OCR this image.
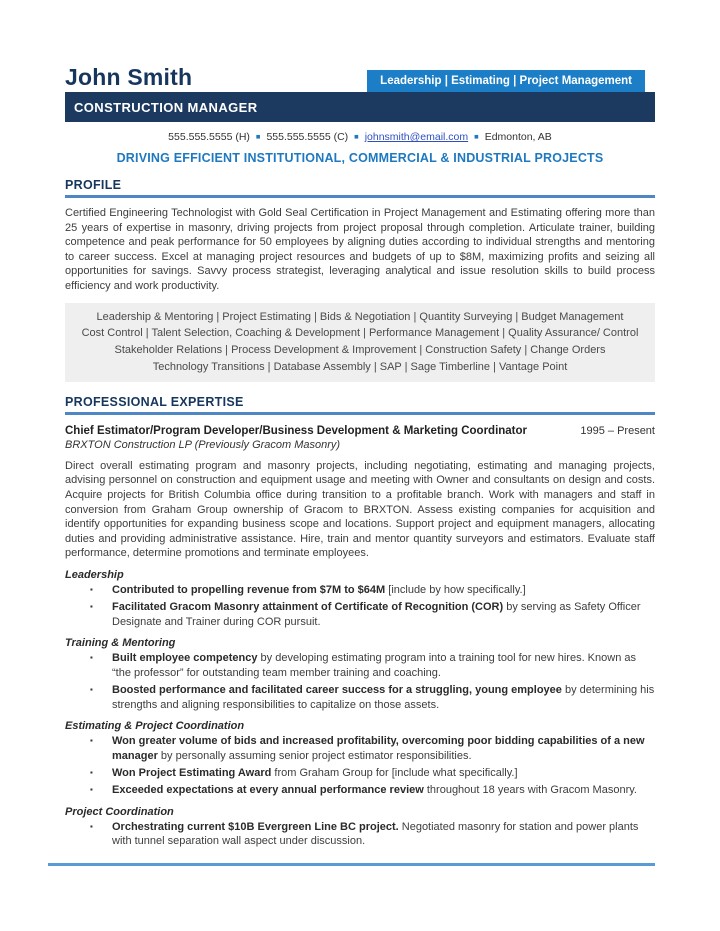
John Smith	Leadership | Estimating | Project Management
CONSTRUCTION MANAGER
555.555.5555 (H) ■ 555.555.5555 (C) ■ johnsmith@email.com ■ Edmonton, AB
DRIVING EFFICIENT INSTITUTIONAL, COMMERCIAL & INDUSTRIAL PROJECTS
PROFILE
Certified Engineering Technologist with Gold Seal Certification in Project Management and Estimating offering more than 25 years of expertise in masonry, driving projects from project proposal through completion. Articulate trainer, building competence and peak performance for 50 employees by aligning duties according to individual strengths and mentoring to career success. Excel at managing project resources and budgets of up to $8M, maximizing profits and seizing all opportunities for savings. Savvy process strategist, leveraging analytical and issue resolution skills to build process efficiency and work productivity.
Leadership & Mentoring | Project Estimating | Bids & Negotiation | Quantity Surveying | Budget Management
Cost Control | Talent Selection, Coaching & Development | Performance Management | Quality Assurance/ Control
Stakeholder Relations | Process Development & Improvement | Construction Safety | Change Orders
Technology Transitions | Database Assembly | SAP | Sage Timberline | Vantage Point
PROFESSIONAL EXPERTISE
Chief Estimator/Program Developer/Business Development & Marketing Coordinator	1995 – Present
BRXTON Construction LP (Previously Gracom Masonry)
Direct overall estimating program and masonry projects, including negotiating, estimating and managing projects, advising personnel on construction and equipment usage and meeting with Owner and consultants on design and costs. Acquire projects for British Columbia office during transition to a profitable branch. Work with managers and staff in conversion from Graham Group ownership of Gracom to BRXTON. Assess existing companies for acquisition and identify opportunities for expanding business scope and locations. Support project and equipment managers, allocating duties and providing administrative assistance. Hire, train and mentor quantity surveyors and estimators. Evaluate staff performance, determine promotions and terminate employees.
Leadership
▪	Contributed to propelling revenue from $7M to $64M [include by how specifically.]
▪	Facilitated Gracom Masonry attainment of Certificate of Recognition (COR) by serving as Safety Officer Designate and Trainer during COR pursuit.
Training & Mentoring
▪	Built employee competency by developing estimating program into a training tool for new hires. Known as “the professor” for outstanding team member training and coaching.
▪	Boosted performance and facilitated career success for a struggling, young employee by determining his strengths and aligning responsibilities to capitalize on those assets.
Estimating & Project Coordination
▪	Won greater volume of bids and increased profitability, overcoming poor bidding capabilities of a new manager by personally assuming senior project estimator responsibilities.
▪	Won Project Estimating Award from Graham Group for [include what specifically.]
▪	Exceeded expectations at every annual performance review throughout 18 years with Gracom Masonry.
Project Coordination
▪	Orchestrating current $10B Evergreen Line BC project. Negotiated masonry for station and power plants with tunnel separation wall aspect under discussion.
